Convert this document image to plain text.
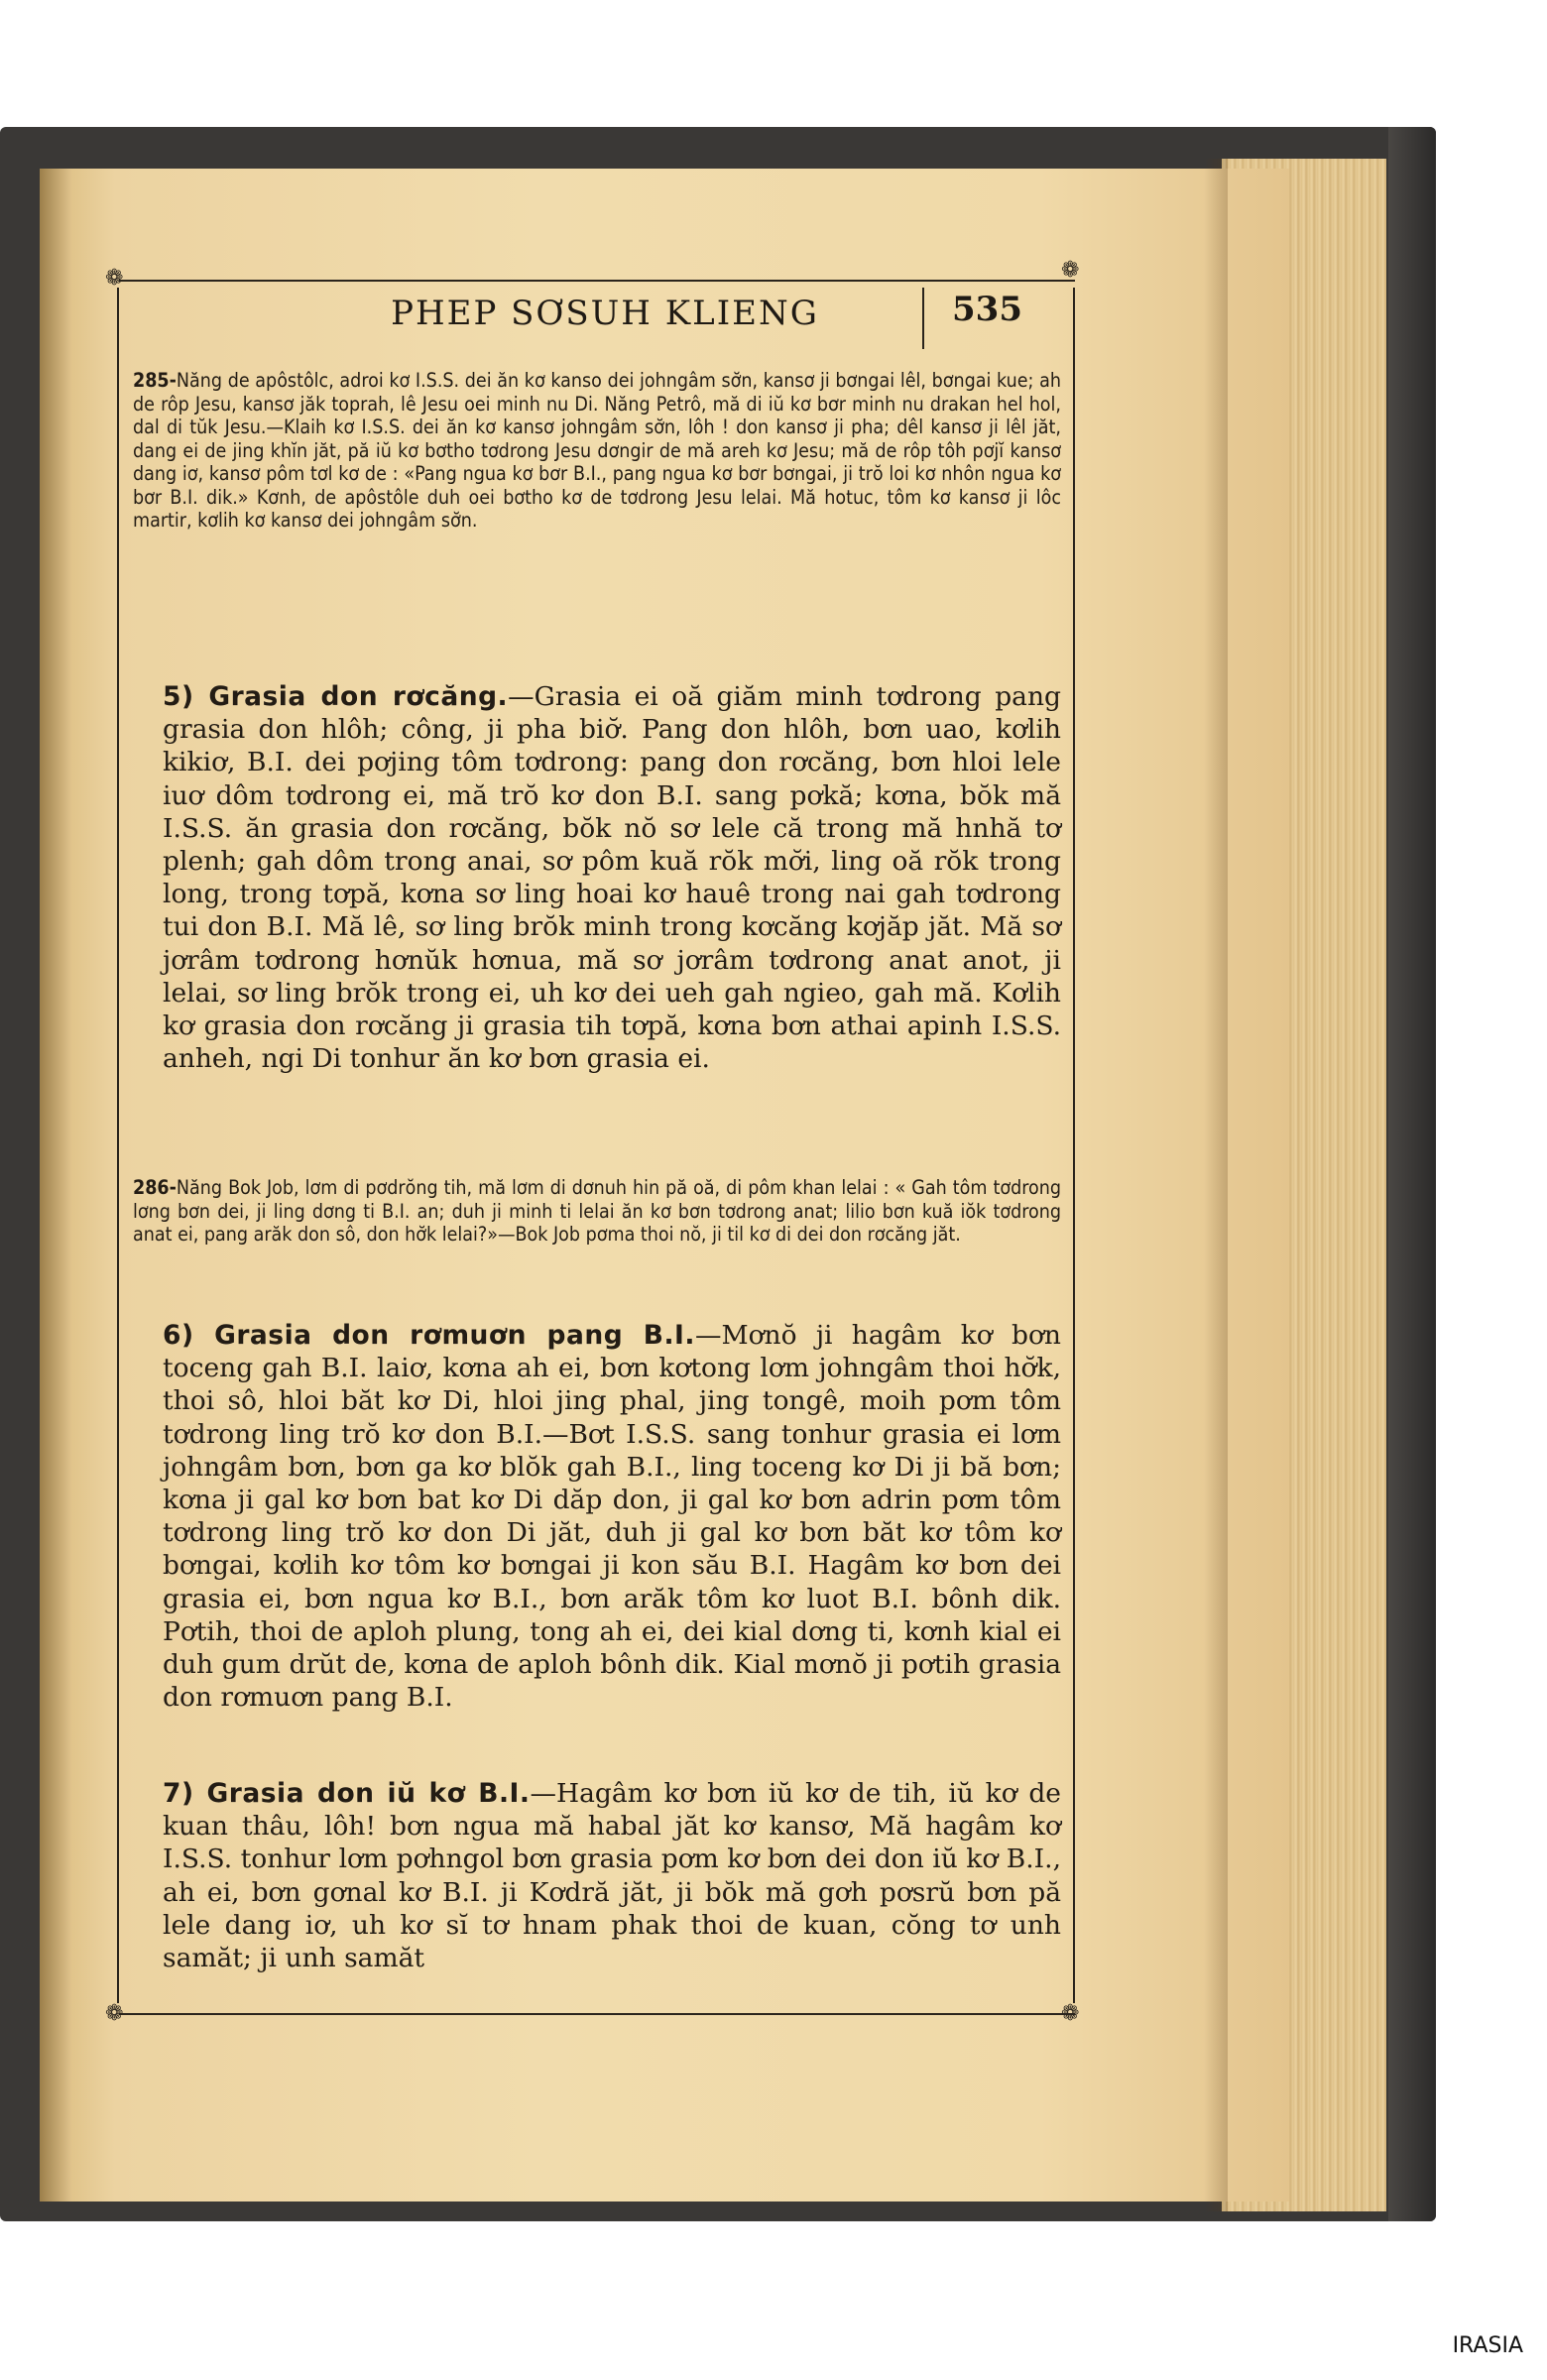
❁	❁
PHEP SƠSUH KLIENG	535

285-Năng de apôstôlc, adroi kơ I.S.S. dei ăn kơ kanso dei johngâm sơ̆n, kansơ ji bơngai lêl, bơngai kue; ah de rôp Jesu, kansơ jăk toprah, lê Jesu oei minh nu Di. Năng Petrô, mă di iŭ kơ bơr minh nu drakan hel hol, dal di tŭk Jesu.—Klaih kơ I.S.S. dei ăn kơ kansơ johngâm sơ̆n, lôh ! don kansơ ji pha; dêl kansơ ji lêl jăt, dang ei de jing khĭn jăt, pă iŭ kơ bơtho tơdrong Jesu dơngir de mă areh kơ Jesu; mă de rôp tôh pơjĭ kansơ dang iơ, kansơ pôm tơl kơ de : «Pang ngua kơ bơr B.I., pang ngua kơ bơr bơngai, ji trŏ loi kơ nhôn ngua kơ bơr B.I. dik.» Kơnh, de apôstôle duh oei bơtho kơ de tơdrong Jesu lelai. Mă hotuc, tôm kơ kansơ ji lôc martir, kơlih kơ kansơ dei johngâm sơ̆n.

5) Grasia don rơcăng.—Grasia ei oă giăm minh tơdrong pang grasia don hlôh; công, ji pha biơ̆. Pang don hlôh, bơn uao, kơlih kikiơ, B.I. dei pơjing tôm tơdrong: pang don rơcăng, bơn hloi lele iuơ dôm tơdrong ei, mă trŏ kơ don B.I. sang pơkă; kơna, bŏk mă I.S.S. ăn grasia don rơcăng, bŏk nŏ sơ lele că trong mă hnhă tơ plenh; gah dôm trong anai, sơ pôm kuă rŏk mơ̆i, ling oă rŏk trong long, trong tơpă, kơna sơ ling hoai kơ hauê trong nai gah tơdrong tui don B.I. Mă lê, sơ ling brŏk minh trong kơcăng kơjăp jăt. Mă sơ jơrâm tơdrong hơnŭk hơnua, mă sơ jơrâm tơdrong anat anot, ji lelai, sơ ling brŏk trong ei, uh kơ dei ueh gah ngieo, gah mă. Kơlih kơ grasia don rơcăng ji grasia tih tơpă, kơna bơn athai apinh I.S.S. anheh, ngi Di tonhur ăn kơ bơn grasia ei.

286-Năng Bok Job, lơm di pơdrŏng tih, mă lơm di dơnuh hin pă oă, di pôm khan lelai : « Gah tôm tơdrong lơng bơn dei, ji ling dơng ti B.I. an; duh ji minh ti lelai ăn kơ bơn tơdrong anat; lilio bơn kuă iŏk tơdrong anat ei, pang arăk don sô, don hơ̆k lelai?»—Bok Job pơma thoi nŏ, ji til kơ di dei don rơcăng jăt.

6) Grasia don rơmuơn pang B.I.—Mơnŏ ji hagâm kơ bơn toceng gah B.I. laiơ, kơna ah ei, bơn kơtong lơm johngâm thoi hơ̆k, thoi sô, hloi băt kơ Di, hloi jing phal, jing tongê, moih pơm tôm tơdrong ling trŏ kơ don B.I.—Bơt I.S.S. sang tonhur grasia ei lơm johngâm bơn, bơn ga kơ blŏk gah B.I., ling toceng kơ Di ji bă bơn; kơna ji gal kơ bơn bat kơ Di dăp don, ji gal kơ bơn adrin pơm tôm tơdrong ling trŏ kơ don Di jăt, duh ji gal kơ bơn băt kơ tôm kơ bơngai, kơlih kơ tôm kơ bơngai ji kon său B.I. Hagâm kơ bơn dei grasia ei, bơn ngua kơ B.I., bơn arăk tôm kơ luot B.I. bônh dik. Pơtih, thoi de aploh plung, tong ah ei, dei kial dơng ti, kơnh kial ei duh gum drŭt de, kơna de aploh bônh dik. Kial mơnŏ ji pơtih grasia don rơmuơn pang B.I.

7) Grasia don iŭ kơ B.I.—Hagâm kơ bơn iŭ kơ de tih, iŭ kơ de kuan thâu, lôh! bơn ngua mă habal jăt kơ kansơ, Mă hagâm kơ I.S.S. tonhur lơm pơhngol bơn grasia pơm kơ bơn dei don iŭ kơ B.I., ah ei, bơn gơnal kơ B.I. ji Kơdră jăt, ji bŏk mă gơh pơsrŭ bơn pă lele dang iơ, uh kơ sĭ tơ hnam phak thoi de kuan, cŏng tơ unh samăt; ji unh samăt

❁	❁
IRASIA
